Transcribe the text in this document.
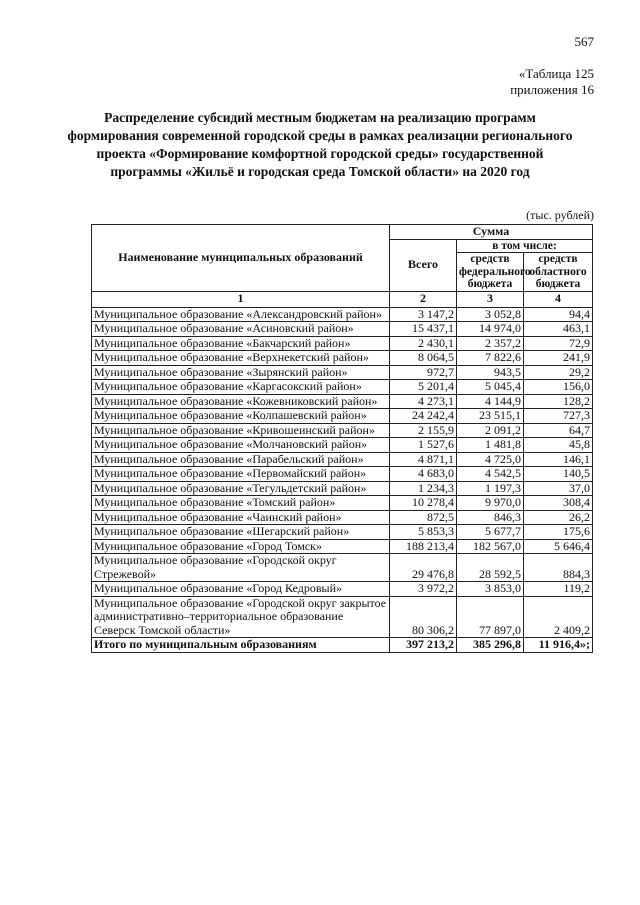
567
«Таблица 125
приложения 16
Распределение субсидий местным бюджетам на реализацию программ формирования современной городской среды в рамках реализации регионального проекта «Формирование комфортной городской среды» государственной программы «Жильё и городская среда Томской области» на 2020 год
(тыс. рублей)
Наименование муниципальных образований	Сумма		
	Всего	в том числе:	
		средств федерального бюджета	средств областного бюджета
1	2	3	4
Муниципальное образование «Александровский район»	3 147,2	3 052,8	94,4
Муниципальное образование «Асиновский район»	15 437,1	14 974,0	463,1
Муниципальное образование «Бакчарский район»	2 430,1	2 357,2	72,9
Муниципальное образование «Верхнекетский район»	8 064,5	7 822,6	241,9
Муниципальное образование «Зырянский район»	972,7	943,5	29,2
Муниципальное образование «Каргасокский район»	5 201,4	5 045,4	156,0
Муниципальное образование «Кожевниковский район»	4 273,1	4 144,9	128,2
Муниципальное образование «Колпашевский район»	24 242,4	23 515,1	727,3
Муниципальное образование «Кривошеинский район»	2 155,9	2 091,2	64,7
Муниципальное образование «Молчановский район»	1 527,6	1 481,8	45,8
Муниципальное образование «Парабельский район»	4 871,1	4 725,0	146,1
Муниципальное образование «Первомайский район»	4 683,0	4 542,5	140,5
Муниципальное образование «Тегульдетский район»	1 234,3	1 197,3	37,0
Муниципальное образование «Томский район»	10 278,4	9 970,0	308,4
Муниципальное образование «Чаинский район»	872,5	846,3	26,2
Муниципальное образование «Шегарский район»	5 853,3	5 677,7	175,6
Муниципальное образование «Город Томск»	188 213,4	182 567,0	5 646,4
Муниципальное образование «Городской округ Стрежевой»	29 476,8	28 592,5	884,3
Муниципальное образование «Город Кедровый»	3 972,2	3 853,0	119,2
Муниципальное образование «Городской округ закрытое административно–территориальное образование Северск Томской области»	80 306,2	77 897,0	2 409,2
Итого по муниципальным образованиям	397 213,2	385 296,8	11 916,4»;
